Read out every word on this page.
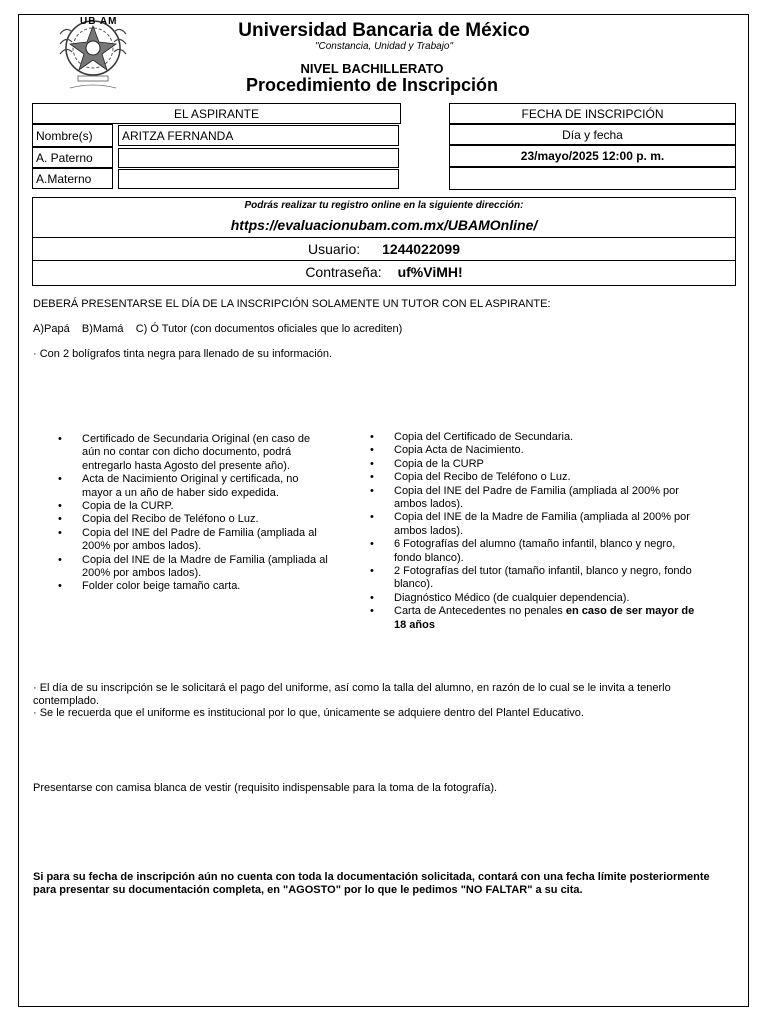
UB AM	Universidad Bancaria de México
"Constancia, Unidad y Trabajo"
NIVEL BACHILLERATO
Procedimiento de Inscripción
EL ASPIRANTE
Nombre(s)	ARITZA FERNANDA
A. Paterno
A.Materno
FECHA DE INSCRIPCIÓN
Día y fecha
23/mayo/2025 12:00 p. m.
Podrás realizar tu registro online en la siguiente dirección:
https://evaluacionubam.com.mx/UBAMOnline/
Usuario: 1244022099
Contraseña: uf%ViMH!
DEBERÁ PRESENTARSE EL DÍA DE LA INSCRIPCIÓN SOLAMENTE UN TUTOR CON EL ASPIRANTE:
A)Papá    B)Mamá    C) Ó Tutor (con documentos oficiales que lo acrediten)
· Con 2 bolígrafos tinta negra para llenado de su información.
• Certificado de Secundaria Original (en caso de aún no contar con dicho documento, podrá entregarlo hasta Agosto del presente año).
• Acta de Nacimiento Original y certificada, no mayor a un año de haber sido expedida.
• Copia de la CURP.
• Copia del Recibo de Teléfono o Luz.
• Copia del INE del Padre de Familia (ampliada al 200% por ambos lados).
• Copia del INE de la Madre de Familia (ampliada al 200% por ambos lados).
• Folder color beige tamaño carta.
• Copia del Certificado de Secundaria.
• Copia Acta de Nacimiento.
• Copia de la CURP
• Copia del Recibo de Teléfono o Luz.
• Copia del INE del Padre de Familia (ampliada al 200% por ambos lados).
• Copia del INE de la Madre de Familia (ampliada al 200% por ambos lados).
• 6 Fotografías del alumno (tamaño infantil, blanco y negro, fondo blanco).
• 2 Fotografías del tutor (tamaño infantil, blanco y negro, fondo blanco).
• Diagnóstico Médico (de cualquier dependencia).
• Carta de Antecedentes no penales en caso de ser mayor de 18 años
· El día de su inscripción se le solicitará el pago del uniforme, así como la talla del alumno, en razón de lo cual se le invita a tenerlo contemplado.
· Se le recuerda que el uniforme es institucional por lo que, únicamente se adquiere dentro del Plantel Educativo.
Presentarse con camisa blanca de vestir (requisito indispensable para la toma de la fotografía).
Si para su fecha de inscripción aún no cuenta con toda la documentación solicitada, contará con una fecha límite posteriormente para presentar su documentación completa, en "AGOSTO" por lo que le pedimos "NO FALTAR" a su cita.
